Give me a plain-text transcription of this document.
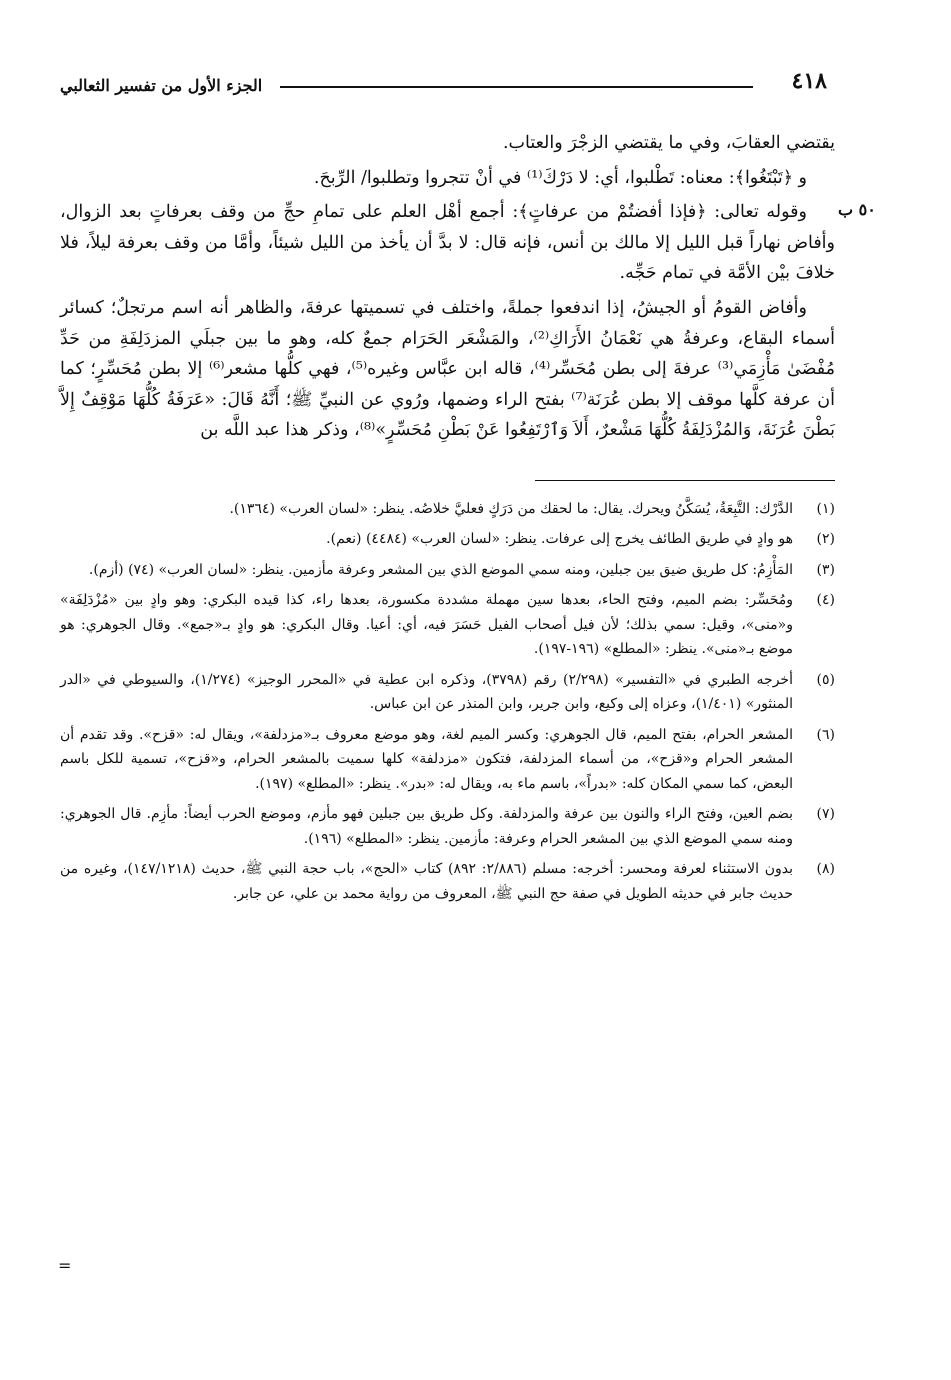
٤١٨
الجزء الأول من تفسير الثعالبي

يقتضي العقابَ، وفي ما يقتضي الزجْرَ والعتاب.

و ﴿تَبْتَغُوا﴾: معناه: تَطْلبوا، أي: لا دَرْكَ⁽¹⁾ في أنْ تتجروا وتطلبوا/ الرِّبحَ.

وقوله تعالى: ﴿فإذا أفضتُمْ من عرفاتٍ﴾: أجمع أهْل العلم على تمامِ حجِّ من وقف بعرفاتٍ بعد الزوال، وأفاض نهاراً قبل الليل إلا مالك بن أنس، فإنه قال: لا بدَّ أن يأخذ من الليل شيئاً، وأمَّا من وقف بعرفة ليلاً، فلا خلافَ بيْن الأمَّة في تمام حَجِّه.

وأفاض القومُ أو الجيشُ، إذا اندفعوا جملةً، واختلف في تسميتها عرفةَ، والظاهر أنه اسم مرتجلٌ؛ كسائر أسماء البقاع، وعرفةُ هي نَعْمَانُ الأَرَاكِ⁽²⁾، والمَشْعَر الحَرَام جمعٌ كله، وهو ما بين جبلَي المزدَلِفَةِ من حَدِّ مُفْضَىٰ مَأْزِمَي⁽³⁾ عرفةَ إلى بطن مُحَسِّر⁽⁴⁾، قاله ابن عبَّاس وغيره⁽⁵⁾، فهي كلُّها مشعر⁽⁶⁾ إلا بطن مُحَسِّرٍ؛ كما أن عرفة كلَّها موقف إلا بطن عُرَنَة⁽⁷⁾ بفتح الراء وضمها، ورُوي عن النبيِّ ﷺ؛ أَنَّهُ قَالَ: «عَرَفَةُ كُلُّهَا مَوْقِفٌ إِلاَّ بَطْنَ عُرَنَةَ، وَالمُزْدَلِفَةُ كُلُّهَا مَشْعرٌ، أَلاَ وَٱرْتَفِعُوا عَنْ بَطْنِ مُحَسِّرٍ»⁽⁸⁾، وذكر هذا عبد اللَّه بن

(١)
الدَّرْك: التَّبِعَةُ، يُسَكَّنُ ويحرك. يقال: ما لحقك من دَرَكٍ فعليَّ خلاصُه. ينظر: «لسان العرب» (١٣٦٤).
(٢)
هو وادٍ في طريق الطائف يخرج إلى عرفات. ينظر: «لسان العرب» (٤٤٨٤) (نعم).
(٣)
المَأْزِمُ: كل طريق ضيق بين جبلين، ومنه سمي الموضع الذي بين المشعر وعرفة مأزمين. ينظر: «لسان العرب» (٧٤) (أزم).
(٤)
ومُحَسِّر: بضم الميم، وفتح الحاء، بعدها سين مهملة مشددة مكسورة، بعدها راء، كذا قيده البكري: وهو وادٍ بين «مُزْدَلِفَة» و«منى»، وقيل: سمي بذلك؛ لأن فيل أصحاب الفيل حَسَرَ فيه، أي: أعيا. وقال البكري: هو وادٍ بـ«جمع». وقال الجوهري: هو موضع بـ«منى». ينظر: «المطلع» (١٩٦-١٩٧).
(٥)
أخرجه الطبري في «التفسير» (٢/٢٩٨) رقم (٣٧٩٨)، وذكره ابن عطية في «المحرر الوجيز» (١/٢٧٤)، والسيوطي في «الدر المنثور» (١/٤٠١)، وعزاه إلى وكيع، وابن جرير، وابن المنذر عن ابن عباس.
(٦)
المشعر الحرام، بفتح الميم، قال الجوهري: وكسر الميم لغة، وهو موضع معروف بـ«مزدلفة»، ويقال له: «قزح». وقد تقدم أن المشعر الحرام و«قزح»، من أسماء المزدلفة، فتكون «مزدلفة» كلها سميت بالمشعر الحرام، و«قزح»، تسمية للكل باسم البعض، كما سمي المكان كله: «بدراً»، باسم ماء به، ويقال له: «بدر». ينظر: «المطلع» (١٩٧).
(٧)
بضم العين، وفتح الراء والنون بين عرفة والمزدلفة. وكل طريق بين جبلين فهو مأزم، وموضع الحرب أيضاً: مأزِم. قال الجوهري: ومنه سمي الموضع الذي بين المشعر الحرام وعرفة: مأزمين. ينظر: «المطلع» (١٩٦).
(٨)
بدون الاستثناء لعرفة ومحسر: أخرجه: مسلم (٢/٨٨٦: ٨٩٢) كتاب «الحج»، باب حجة النبي ﷺ، حديث (١٤٧/١٢١٨)، وغيره من حديث جابر في حديثه الطويل في صفة حج النبي ﷺ، المعروف من رواية محمد بن علي، عن جابر.
٥٠ ب
=
